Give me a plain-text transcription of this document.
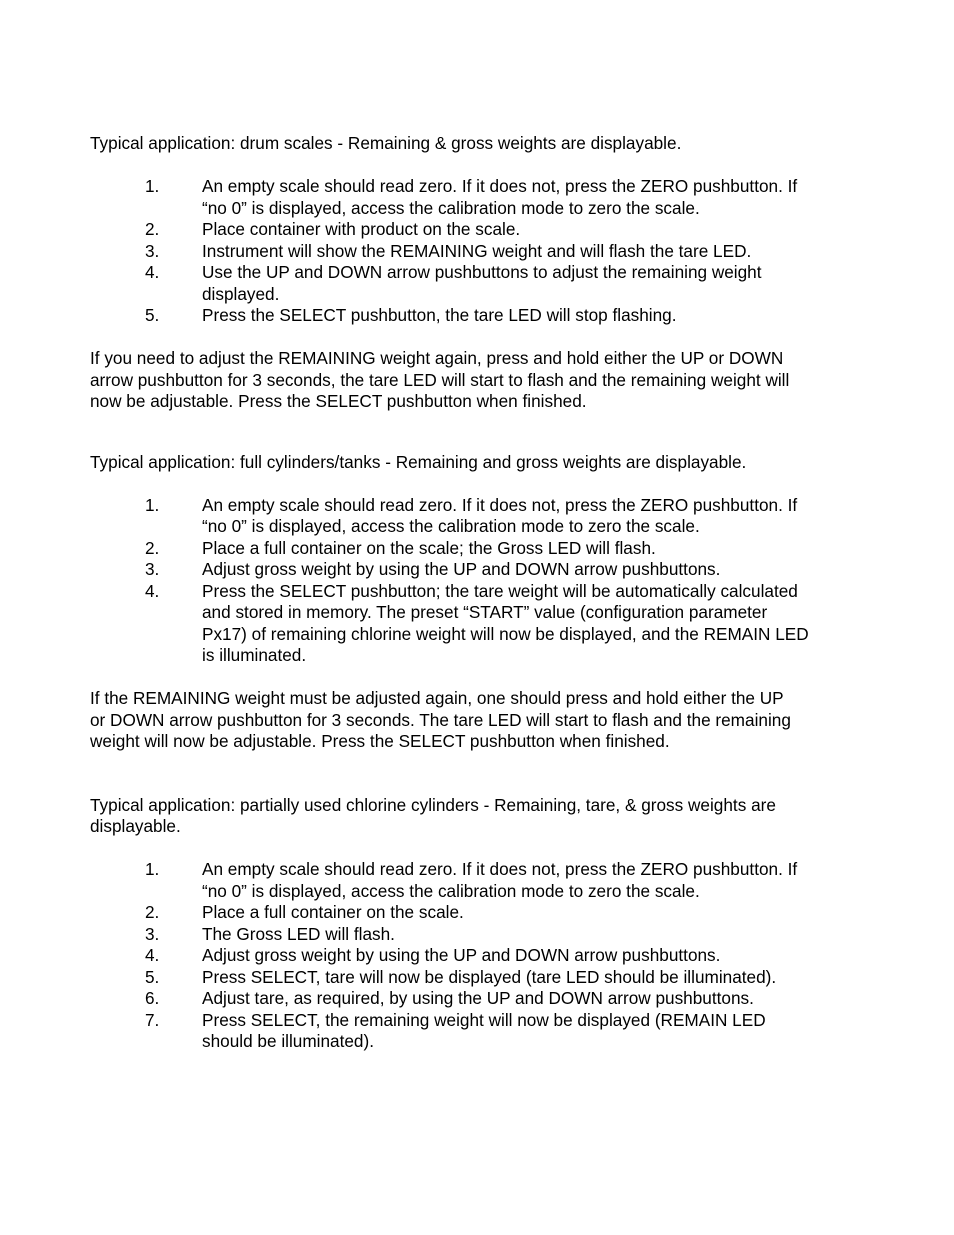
Typical application: drum scales - Remaining & gross weights are displayable.

1.	An empty scale should read zero. If it does not, press the ZERO pushbutton. If
“no 0” is displayed, access the calibration mode to zero the scale.
2.	Place container with product on the scale.
3.	Instrument will show the REMAINING weight and will flash the tare LED.
4.	Use the UP and DOWN arrow pushbuttons to adjust the remaining weight
displayed.
5.	Press the SELECT pushbutton, the tare LED will stop flashing.

If you need to adjust the REMAINING weight again, press and hold either the UP or DOWN
arrow pushbutton for 3 seconds, the tare LED will start to flash and the remaining weight will
now be adjustable. Press the SELECT pushbutton when finished.

Typical application: full cylinders/tanks - Remaining and gross weights are displayable.

1.	An empty scale should read zero. If it does not, press the ZERO pushbutton. If
“no 0” is displayed, access the calibration mode to zero the scale.
2.	Place a full container on the scale; the Gross LED will flash.
3.	Adjust gross weight by using the UP and DOWN arrow pushbuttons.
4.	Press the SELECT pushbutton; the tare weight will be automatically calculated
and stored in memory. The preset “START” value (configuration parameter
Px17) of remaining chlorine weight will now be displayed, and the REMAIN LED
is illuminated.

If the REMAINING weight must be adjusted again, one should press and hold either the UP
or DOWN arrow pushbutton for 3 seconds. The tare LED will start to flash and the remaining
weight will now be adjustable. Press the SELECT pushbutton when finished.

Typical application: partially used chlorine cylinders - Remaining, tare, & gross weights are
displayable.

1.	An empty scale should read zero. If it does not, press the ZERO pushbutton. If
“no 0” is displayed, access the calibration mode to zero the scale.
2.	Place a full container on the scale.
3.	The Gross LED will flash.
4.	Adjust gross weight by using the UP and DOWN arrow pushbuttons.
5.	Press SELECT, tare will now be displayed (tare LED should be illuminated).
6.	Adjust tare, as required, by using the UP and DOWN arrow pushbuttons.
7.	Press SELECT, the remaining weight will now be displayed (REMAIN LED
should be illuminated).
